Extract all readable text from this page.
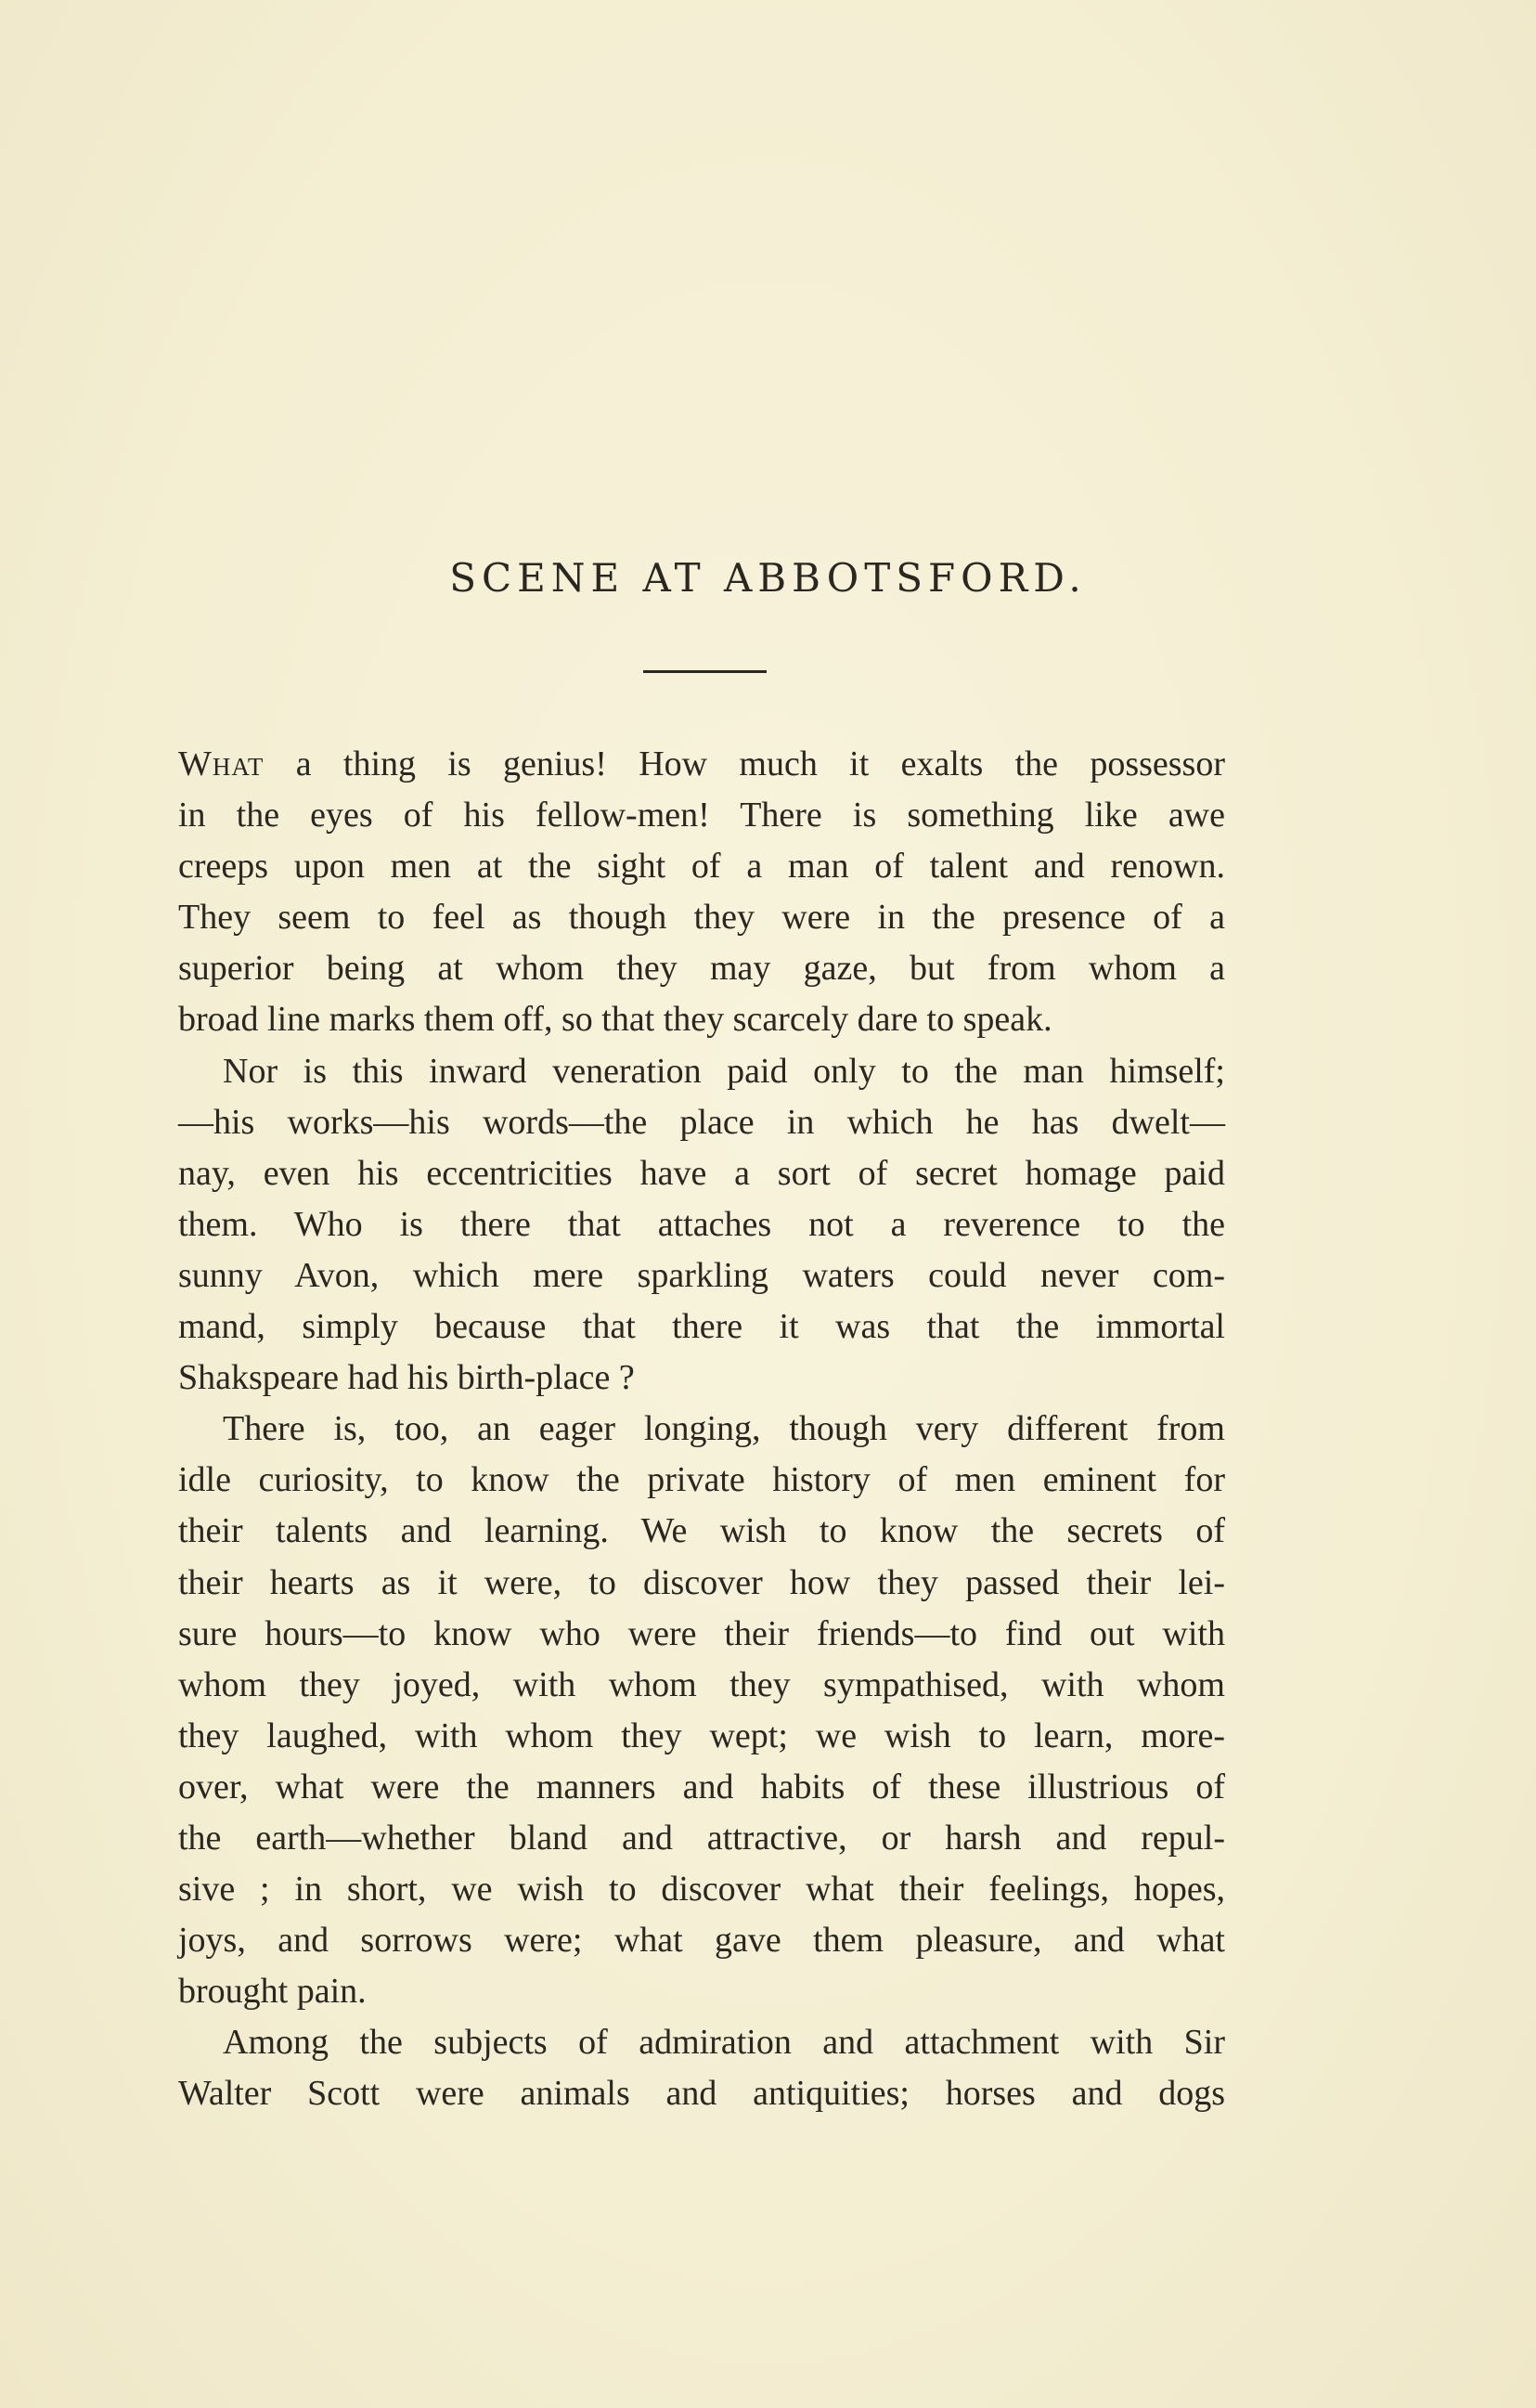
SCENE AT ABBOTSFORD.
What a thing is genius! How much it exalts the possessor
in the eyes of his fellow-men! There is something like awe
creeps upon men at the sight of a man of talent and renown.
They seem to feel as though they were in the presence of a
superior being at whom they may gaze, but from whom a
broad line marks them off, so that they scarcely dare to speak.
Nor is this inward veneration paid only to the man himself;
—his works—his words—the place in which he has dwelt—
nay, even his eccentricities have a sort of secret homage paid
them. Who is there that attaches not a reverence to the
sunny Avon, which mere sparkling waters could never com-
mand, simply because that there it was that the immortal
Shakspeare had his birth-place ?
There is, too, an eager longing, though very different from
idle curiosity, to know the private history of men eminent for
their talents and learning. We wish to know the secrets of
their hearts as it were, to discover how they passed their lei-
sure hours—to know who were their friends—to find out with
whom they joyed, with whom they sympathised, with whom
they laughed, with whom they wept; we wish to learn, more-
over, what were the manners and habits of these illustrious of
the earth—whether bland and attractive, or harsh and repul-
sive ; in short, we wish to discover what their feelings, hopes,
joys, and sorrows were; what gave them pleasure, and what
brought pain.
Among the subjects of admiration and attachment with Sir
Walter Scott were animals and antiquities; horses and dogs
